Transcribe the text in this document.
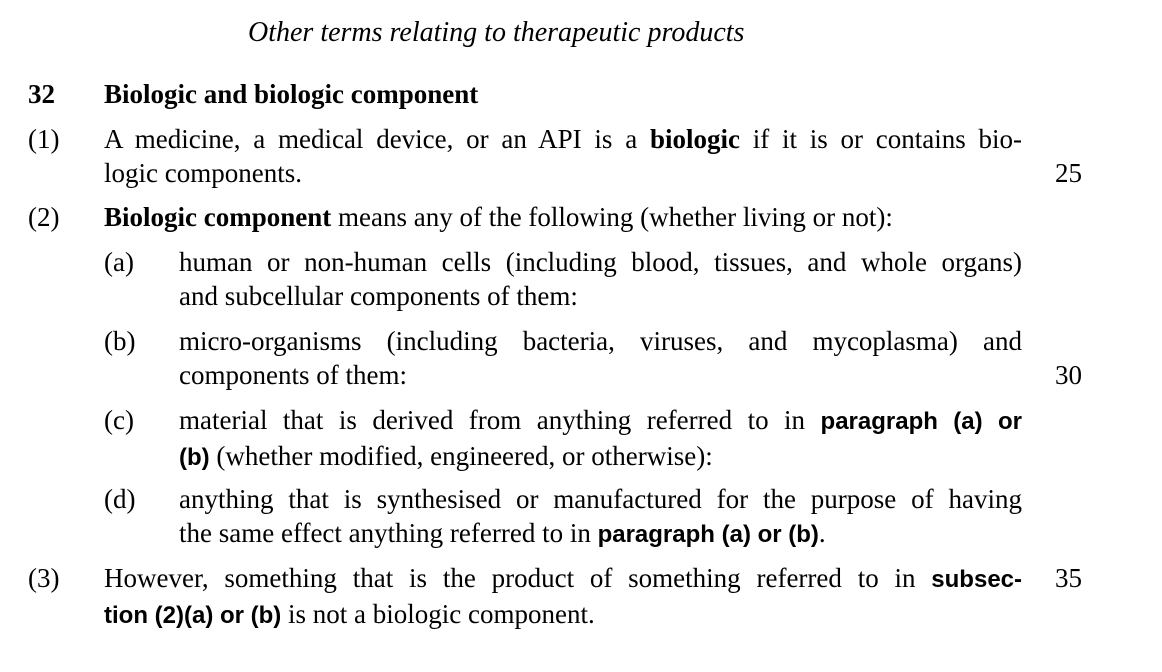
Other terms relating to therapeutic products
32 Biologic and biologic component
(1) A medicine, a medical device, or an API is a biologic if it is or contains bio-
logic components.	25
(2) Biologic component means any of the following (whether living or not):
(a) human or non-human cells (including blood, tissues, and whole organs)
and subcellular components of them:
(b) micro-organisms (including bacteria, viruses, and mycoplasma) and
components of them:	30
(c) material that is derived from anything referred to in paragraph (a) or
(b) (whether modified, engineered, or otherwise):
(d) anything that is synthesised or manufactured for the purpose of having
the same effect anything referred to in paragraph (a) or (b).
(3) However, something that is the product of something referred to in subsec-
tion (2)(a) or (b) is not a biologic component.
35
